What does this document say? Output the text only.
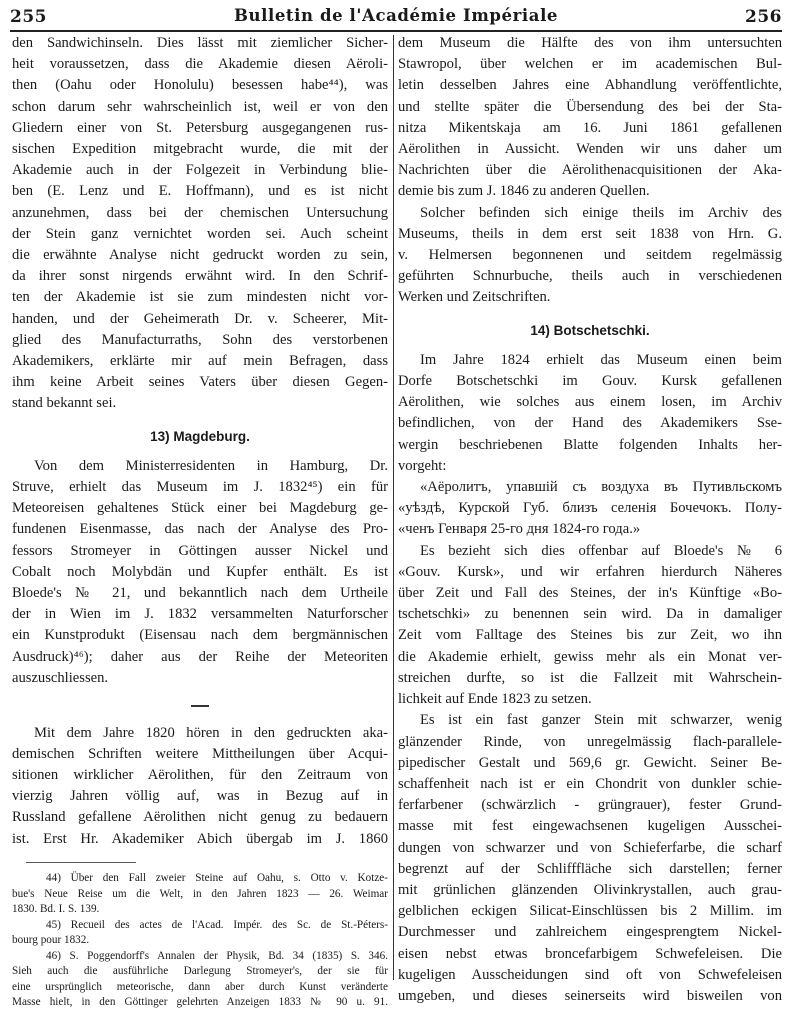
255	Bulletin de l'Académie Impériale	256
den Sandwichinseln. Dies lässt mit ziemlicher Sicher-
heit voraussetzen, dass die Akademie diesen Aërolі-
then (Oahu oder Honolulu) besessen habe⁴⁴), was
schon darum sehr wahrscheinlich ist, weil er von den
Gliedern einer von St. Petersburg ausgegangenen rus-
sischen Expedition mitgebracht wurde, die mit der
Akademie auch in der Folgezeit in Verbindung blie-
ben (E. Lenz und E. Hoffmann), und es ist nicht
anzunehmen, dass bei der chemischen Untersuchung
der Stein ganz vernichtet worden sei. Auch scheint
die erwähnte Analyse nicht gedruckt worden zu sein,
da ihrer sonst nirgends erwähnt wird. In den Schrif-
ten der Akademie ist sie zum mindesten nicht vor-
handen, und der Geheimerath Dr. v. Scheerer, Mit-
glied des Manufacturraths, Sohn des verstorbenen
Akademikers, erklärte mir auf mein Befragen, dass
ihm keine Arbeit seines Vaters über diesen Gegen-
stand bekannt sei.
13) Magdeburg.
Von dem Ministerresidenten in Hamburg, Dr.
Struve, erhielt das Museum im J. 1832⁴⁵) ein für
Meteoreisen gehaltenes Stück einer bei Magdeburg ge-
fundenen Eisenmasse, das nach der Analyse des Pro-
fessors Stromeyer in Göttingen ausser Nickel und
Cobalt noch Molybdän und Kupfer enthält. Es ist
Bloede's № 21, und bekanntlich nach dem Urtheile
der in Wien im J. 1832 versammelten Naturforscher
ein Kunstprodukt (Eisensau nach dem bergmännischen
Ausdruck)⁴⁶); daher aus der Reihe der Meteoriten
auszuschliessen.
Mit dem Jahre 1820 hören in den gedruckten aka-
demischen Schriften weitere Mittheilungen über Acqui-
sitionen wirklicher Aërolithen, für den Zeitraum von
vierzig Jahren völlig auf, was in Bezug auf in
Russland gefallene Aërolithen nicht genug zu bedauern
ist. Erst Hr. Akademiker Abich übergab im J. 1860
44) Über den Fall zweier Steine auf Oahu, s. Otto v. Kotze-
bue's Neue Reise um die Welt, in den Jahren 1823 — 26. Weimar
1830. Bd. I. S. 139.
45) Recueil des actes de l'Acad. Impér. des Sc. de St.-Péters-
bourg pour 1832.
46) S. Poggendorff's Annalen der Physik, Bd. 34 (1835) S. 346.
Sieh auch die ausführliche Darlegung Stromeyer's, der sie für
eine ursprünglich meteorische, dann aber durch Kunst veränderte
Masse hielt, in den Göttinger gelehrten Anzeigen 1833 № 90 u. 91.
dem Museum die Hälfte des von ihm untersuchten
Stawropol, über welchen er im academischen Bul-
letin desselben Jahres eine Abhandlung veröffentlichte,
und stellte später die Übersendung des bei der Sta-
nitza Mikentskaja am 16. Juni 1861 gefallenen
Aërolithen in Aussicht. Wenden wir uns daher um
Nachrichten über die Aërolithenacquisitionen der Aka-
demie bis zum J. 1846 zu anderen Quellen.
Solcher befinden sich einige theils im Archiv des
Museums, theils in dem erst seit 1838 von Hrn. G.
v. Helmersen begonnenen und seitdem regelmässig
geführten Schnurbuche, theils auch in verschiedenen
Werken und Zeitschriften.
14) Botschetschki.
Im Jahre 1824 erhielt das Museum einen beim
Dorfe Botschetschki im Gouv. Kursk gefallenen
Aërolithen, wie solches aus einem losen, im Archiv
befindlichen, von der Hand des Akademikers Sse-
wergin beschriebenen Blatte folgenden Inhalts her-
vorgeht:
«Аёролитъ, упавшій съ воздуха въ Путивльскомъ
«уѣздѣ, Курской Губ. близъ селенія Бочечокъ. Полу-
«ченъ Генваря 25-го дня 1824-го года.»
Es bezieht sich dies offenbar auf Bloede's № 6
«Gouv. Kursk», und wir erfahren hierdurch Näheres
über Zeit und Fall des Steines, der in's Künftige «Bo-
tschetschki» zu benennen sein wird. Da in damaliger
Zeit vom Falltage des Steines bis zur Zeit, wo ihn
die Akademie erhielt, gewiss mehr als ein Monat ver-
streichen durfte, so ist die Fallzeit mit Wahrschein-
lichkeit auf Ende 1823 zu setzen.
Es ist ein fast ganzer Stein mit schwarzer, wenig
glänzender Rinde, von unregelmässig flach-parallele-
pipedischer Gestalt und 569,6 gr. Gewicht. Seiner Be-
schaffenheit nach ist er ein Chondrit von dunkler schie-
ferfarbener (schwärzlich - grüngrauer), fester Grund-
masse mit fest eingewachsenen kugeligen Ausschei-
dungen von schwarzer und von Schieferfarbe, die scharf
begrenzt auf der Schlifffläche sich darstellen; ferner
mit grünlichen glänzenden Olivinkrystallen, auch grau-
gelblichen eckigen Silicat-Einschlüssen bis 2 Millim. im
Durchmesser und zahlreichem eingesprengtem Nickel-
eisen nebst etwas broncefarbigem Schwefeleisen. Die
kugeligen Ausscheidungen sind oft von Schwefeleisen
umgeben, und dieses seinerseits wird bisweilen von
